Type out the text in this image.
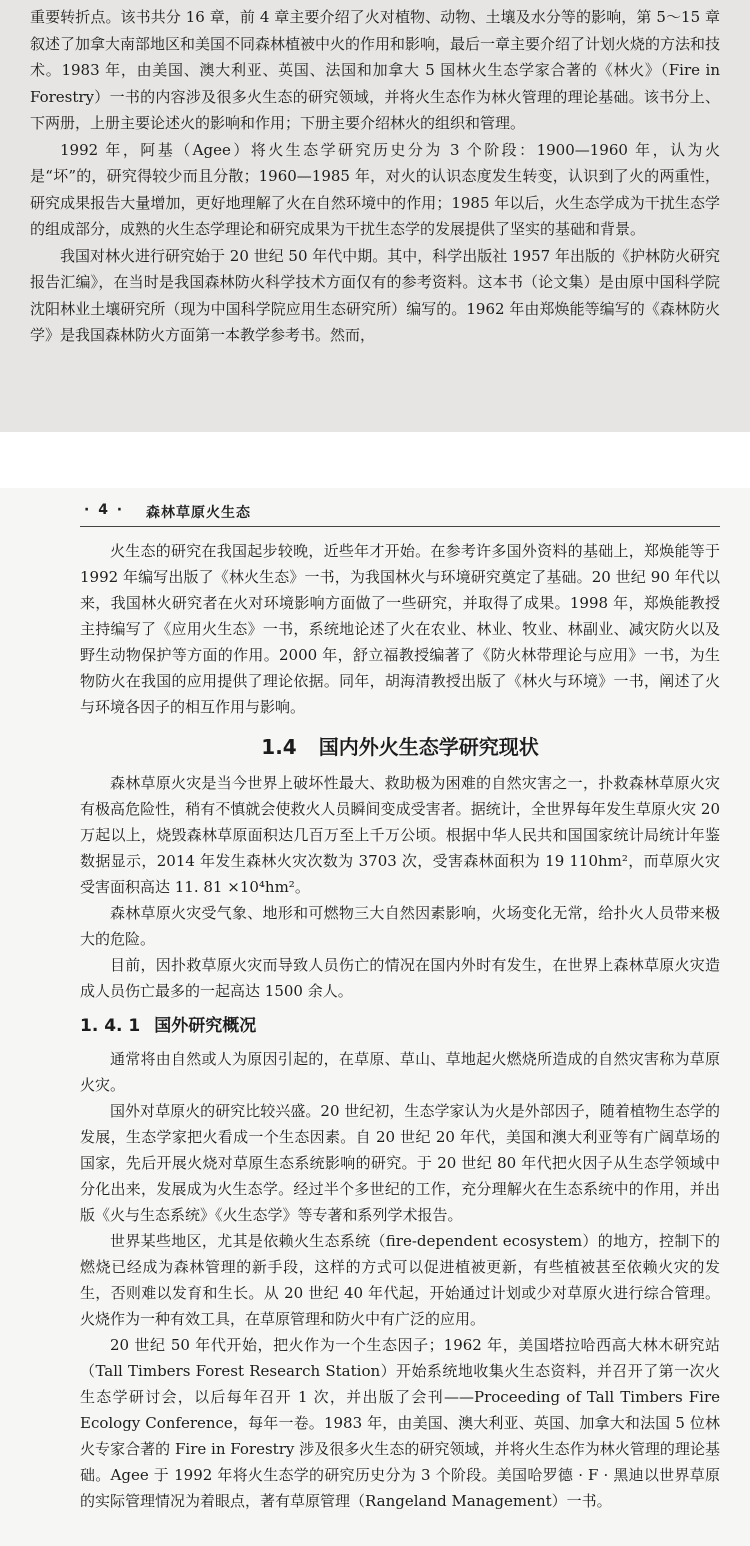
重要转折点。该书共分 16 章，前 4 章主要介绍了火对植物、动物、土壤及水分等的影响，第 5～15 章叙述了加拿大南部地区和美国不同森林植被中火的作用和影响，最后一章主要介绍了计划火烧的方法和技术。1983 年，由美国、澳大利亚、英国、法国和加拿大 5 国林火生态学家合著的《林火》（Fire in Forestry）一书的内容涉及很多火生态的研究领域，并将火生态作为林火管理的理论基础。该书分上、下两册，上册主要论述火的影响和作用；下册主要介绍林火的组织和管理。

1992 年，阿基（Agee）将火生态学研究历史分为 3 个阶段：1900—1960 年，认为火是“坏”的，研究得较少而且分散；1960—1985 年，对火的认识态度发生转变，认识到了火的两重性，研究成果报告大量增加，更好地理解了火在自然环境中的作用；1985 年以后，火生态学成为干扰生态学的组成部分，成熟的火生态学理论和研究成果为干扰生态学的发展提供了坚实的基础和背景。

我国对林火进行研究始于 20 世纪 50 年代中期。其中，科学出版社 1957 年出版的《护林防火研究报告汇编》，在当时是我国森林防火科学技术方面仅有的参考资料。这本书（论文集）是由原中国科学院沈阳林业土壤研究所（现为中国科学院应用生态研究所）编写的。1962 年由郑焕能等编写的《森林防火学》是我国森林防火方面第一本教学参考书。然而，

· 4 · 森林草原火生态

火生态的研究在我国起步较晚，近些年才开始。在参考许多国外资料的基础上，郑焕能等于 1992 年编写出版了《林火生态》一书，为我国林火与环境研究奠定了基础。20 世纪 90 年代以来，我国林火研究者在火对环境影响方面做了一些研究，并取得了成果。1998 年，郑焕能教授主持编写了《应用火生态》一书，系统地论述了火在农业、林业、牧业、林副业、减灾防火以及野生动物保护等方面的作用。2000 年，舒立福教授编著了《防火林带理论与应用》一书，为生物防火在我国的应用提供了理论依据。同年，胡海清教授出版了《林火与环境》一书，阐述了火与环境各因子的相互作用与影响。

1.4 国内外火生态学研究现状

森林草原火灾是当今世界上破坏性最大、救助极为困难的自然灾害之一，扑救森林草原火灾有极高危险性，稍有不慎就会使救火人员瞬间变成受害者。据统计，全世界每年发生草原火灾 20 万起以上，烧毁森林草原面积达几百万至上千万公顷。根据中华人民共和国国家统计局统计年鉴数据显示，2014 年发生森林火灾次数为 3703 次，受害森林面积为 19 110hm²，而草原火灾受害面积高达 11. 81 ×10⁴hm²。

森林草原火灾受气象、地形和可燃物三大自然因素影响，火场变化无常，给扑火人员带来极大的危险。

目前，因扑救草原火灾而导致人员伤亡的情况在国内外时有发生，在世界上森林草原火灾造成人员伤亡最多的一起高达 1500 余人。

1. 4. 1 国外研究概况

通常将由自然或人为原因引起的，在草原、草山、草地起火燃烧所造成的自然灾害称为草原火灾。

国外对草原火的研究比较兴盛。20 世纪初，生态学家认为火是外部因子，随着植物生态学的发展，生态学家把火看成一个生态因素。自 20 世纪 20 年代，美国和澳大利亚等有广阔草场的国家，先后开展火烧对草原生态系统影响的研究。于 20 世纪 80 年代把火因子从生态学领域中分化出来，发展成为火生态学。经过半个多世纪的工作，充分理解火在生态系统中的作用，并出版《火与生态系统》《火生态学》等专著和系列学术报告。

世界某些地区，尤其是依赖火生态系统（fire-dependent ecosystem）的地方，控制下的燃烧已经成为森林管理的新手段，这样的方式可以促进植被更新，有些植被甚至依赖火灾的发生，否则难以发育和生长。从 20 世纪 40 年代起，开始通过计划或少对草原火进行综合管理。火烧作为一种有效工具，在草原管理和防火中有广泛的应用。

20 世纪 50 年代开始，把火作为一个生态因子；1962 年，美国塔拉哈西高大林木研究站（Tall Timbers Forest Research Station）开始系统地收集火生态资料，并召开了第一次火生态学研讨会，以后每年召开 1 次，并出版了会刊——Proceeding of Tall Timbers Fire Ecology Conference，每年一卷。1983 年，由美国、澳大利亚、英国、加拿大和法国 5 位林火专家合著的 Fire in Forestry 涉及很多火生态的研究领域，并将火生态作为林火管理的理论基础。Agee 于 1992 年将火生态学的研究历史分为 3 个阶段。美国哈罗德 · F · 黑迪以世界草原的实际管理情况为着眼点，著有草原管理（Rangeland Management）一书。
